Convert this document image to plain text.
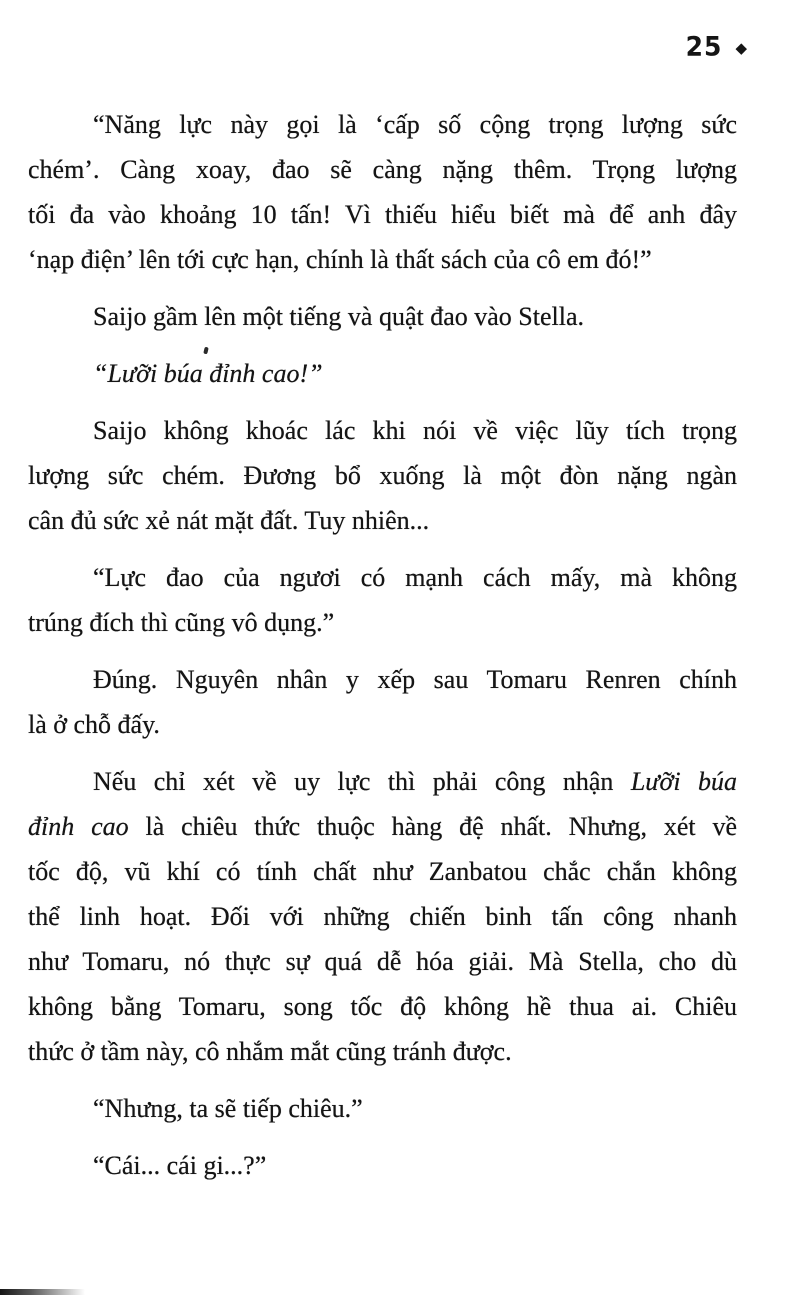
25 ◆
“Năng lực này gọi là ‘cấp số cộng trọng lượng sức
chém’. Càng xoay, đao sẽ càng nặng thêm. Trọng lượng
tối đa vào khoảng 10 tấn! Vì thiếu hiểu biết mà để anh đây
‘nạp điện’ lên tới cực hạn, chính là thất sách của cô em đó!”
Saijo gầm lên một tiếng và quật đao vào Stella.
“Lưỡi búa đỉnh cao!”
Saijo không khoác lác khi nói về việc lũy tích trọng
lượng sức chém. Đương bổ xuống là một đòn nặng ngàn
cân đủ sức xẻ nát mặt đất. Tuy nhiên...
“Lực đao của ngươi có mạnh cách mấy, mà không
trúng đích thì cũng vô dụng.”
Đúng. Nguyên nhân y xếp sau Tomaru Renren chính
là ở chỗ đấy.
Nếu chỉ xét về uy lực thì phải công nhận Lưỡi búa
đỉnh cao là chiêu thức thuộc hàng đệ nhất. Nhưng, xét về
tốc độ, vũ khí có tính chất như Zanbatou chắc chắn không
thể linh hoạt. Đối với những chiến binh tấn công nhanh
như Tomaru, nó thực sự quá dễ hóa giải. Mà Stella, cho dù
không bằng Tomaru, song tốc độ không hề thua ai. Chiêu
thức ở tầm này, cô nhắm mắt cũng tránh được.
“Nhưng, ta sẽ tiếp chiêu.”
“Cái... cái gi...?”
